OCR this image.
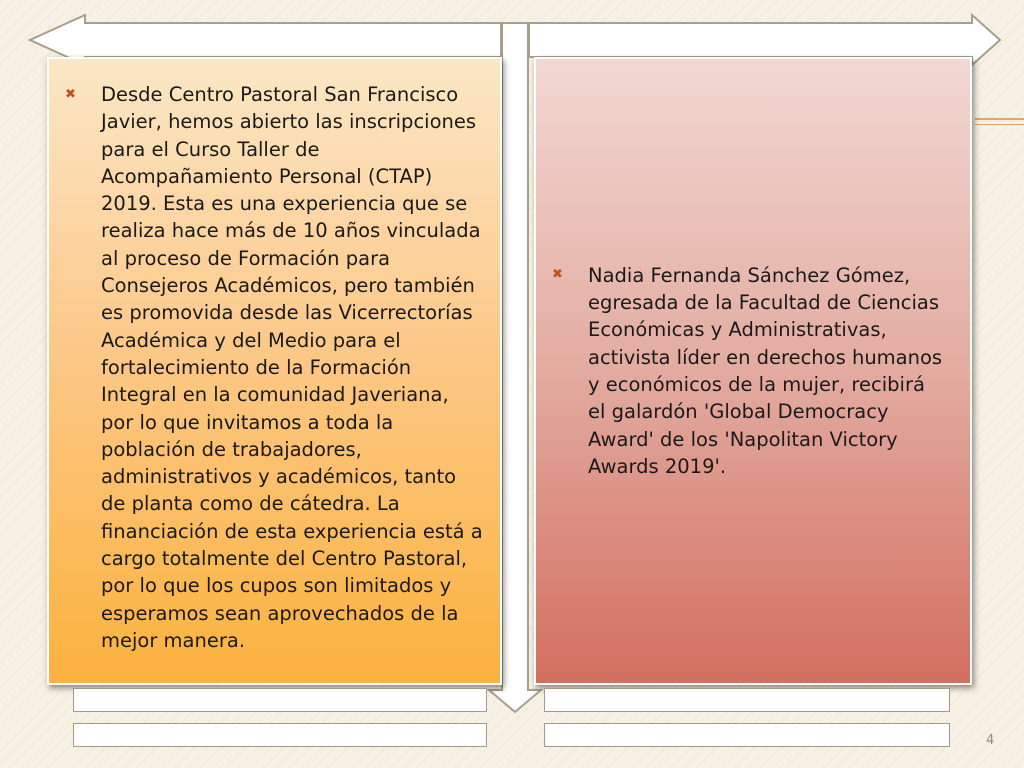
✖	Desde Centro Pastoral San Francisco Javier, hemos abierto las inscripciones para el Curso Taller de Acompañamiento Personal (CTAP) 2019. Esta es una experiencia que se realiza hace más de 10 años vinculada al proceso de Formación para Consejeros Académicos, pero también es promovida desde las Vicerrectorías Académica y del Medio para el fortalecimiento de la Formación Integral en la comunidad Javeriana, por lo que invitamos a toda la población de trabajadores, administrativos y académicos, tanto de planta como de cátedra. La financiación de esta experiencia está a cargo totalmente del Centro Pastoral, por lo que los cupos son limitados y esperamos sean aprovechados de la mejor manera.

✖	Nadia Fernanda Sánchez Gómez, egresada de la Facultad de Ciencias Económicas y Administrativas, activista líder en derechos humanos y económicos de la mujer, recibirá el galardón 'Global Democracy Award' de los 'Napolitan Victory Awards 2019'.

4
